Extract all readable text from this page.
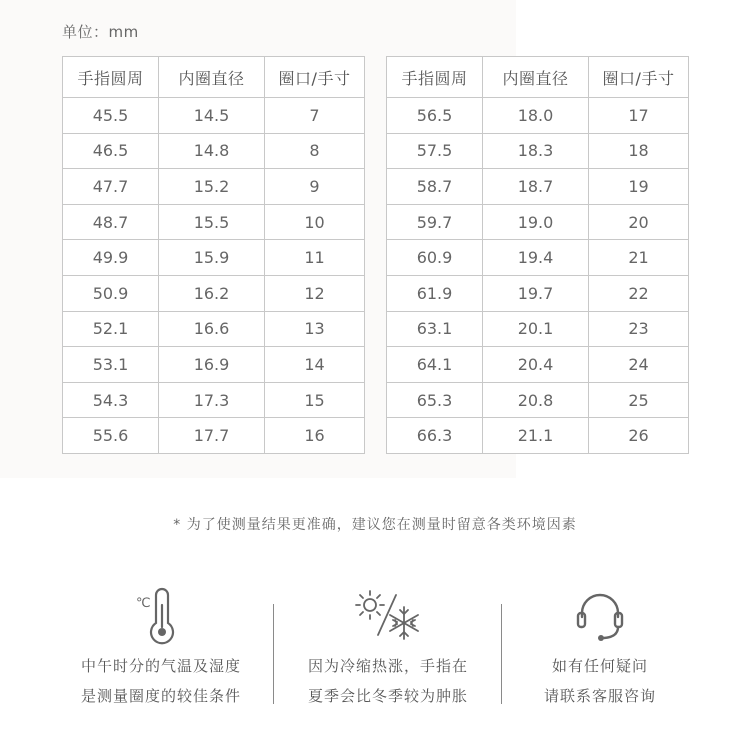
单位：mm
手指圆周	内圈直径	圈口/手寸
45.5	14.5	7
46.5	14.8	8
47.7	15.2	9
48.7	15.5	10
49.9	15.9	11
50.9	16.2	12
52.1	16.6	13
53.1	16.9	14
54.3	17.3	15
55.6	17.7	16
手指圆周	内圈直径	圈口/手寸
56.5	18.0	17
57.5	18.3	18
58.7	18.7	19
59.7	19.0	20
60.9	19.4	21
61.9	19.7	22
63.1	20.1	23
64.1	20.4	24
65.3	20.8	25
66.3	21.1	26
* 为了使测量结果更准确，建议您在测量时留意各类环境因素
℃
中午时分的气温及湿度
是测量圈度的较佳条件
因为冷缩热涨，手指在
夏季会比冬季较为肿胀
如有任何疑问
请联系客服咨询
